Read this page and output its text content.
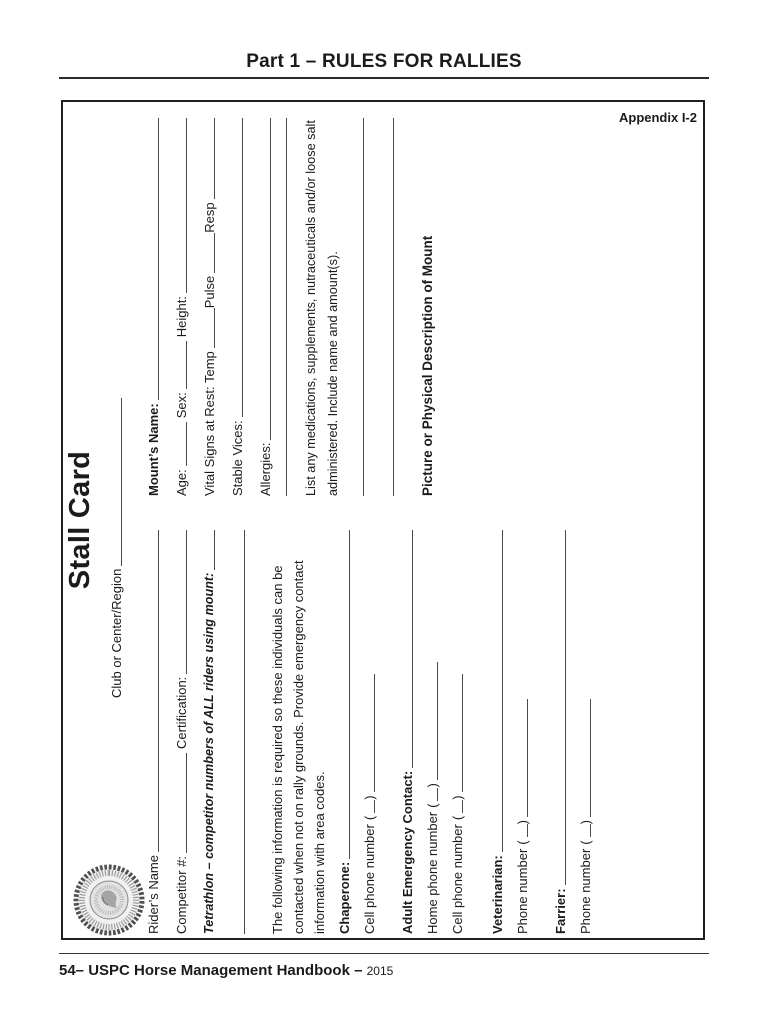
Part 1 – RULES FOR RALLIES
Appendix I-2
Stall Card
Club or Center/Region
Rider’s Name Competitor #:
Certification: Tetrathlon – competitor numbers of ALL riders using mount:	The following information is required so these individuals can be contacted when not on rally grounds. Provide emergency contact information with area codes. Chaperone: Cell phone number
(
) Adult Emergency Contact: Home phone number
(
)
Cell phone number
(
)
Veterinarian: Phone number
(
)
Farrier: Phone number
(
)
Mount’s Name: Age:
Sex:
Height:
Vital Signs at Rest: Temp
Pulse
Resp
Stable Vices: Allergies: List any medications, supplements, nutraceuticals and/or loose salt administered. Include name and amount(s).	Picture or Physical Description of Mount
54– USPC Horse Management Handbook – 2015
